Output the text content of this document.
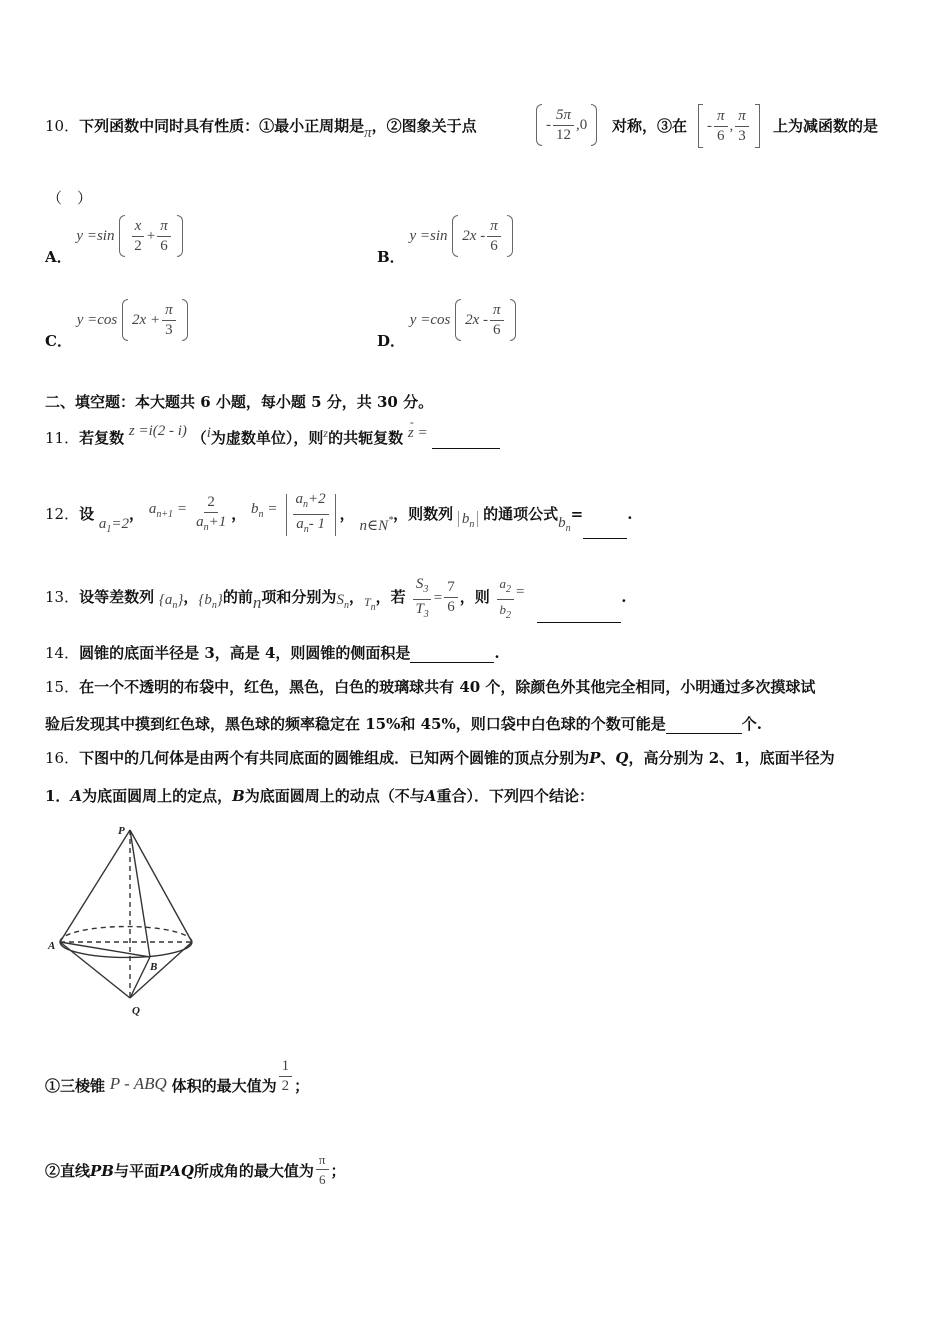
10．下列函数中同时具有性质：①最小正周期是π，②图象关于点	- $\frac{5\pi}{12} ,0$ 对称，③在 - $\frac{\pi}{6}$ , $\frac{\pi}{3}$ 上为减函数的是
（　）
A． $y =\sin \frac{x}{2} + \frac{\pi}{6}$
B． y =sin $2x - \frac{\pi}{6}$
C． y =cos $2x + \frac{\pi}{3}$
D． y =cos $2x - \frac{\pi}{6}$
二、填空题：本大题共 6 小题，每小题 5 分，共 30 分。
11．若复数 z =i(2 - i) （i为虚数单位），则$^z$的共轭复数
-
z =
12．设 $a_1=2$， $a_{n+1} = \frac{2}{a_n+1}$ ， $b_n = \frac{a_n+2}{a_n- 1}$ ， n∈N*，则数列 $b_n$ 的通项公式$b_n=$	.
13．设等差数列 $\{a_n\}$，$\{b_n\}$的前n项和分别为$S_n$，$_{T_n}$，若 $\frac{S_3}{T_3} = \frac{7}{6}$ ，则 $\frac{a_2}{b_2}$ =	.
14．圆锥的底面半径是 3，高是 4，则圆锥的侧面积是	.
15．在一个不透明的布袋中，红色，黑色，白色的玻璃球共有 40 个，除颜色外其他完全相同，小明通过多次摸球试
验后发现其中摸到红色球，黑色球的频率稳定在 15%和 45%，则口袋中白色球的个数可能是	个.
16．下图中的几何体是由两个有共同底面的圆锥组成．已知两个圆锥的顶点分别为P、Q，高分别为 2、1，底面半径为
1．A为底面圆周上的定点，B为底面圆周上的动点（不与A重合）．下列四个结论：
P
A
B
Q
①三棱锥 P - ABQ 体积的最大值为 $\frac{1}{2}$ ；
②直线PB与平面PAQ所成角的最大值为 $\frac{\pi}{6}$ ；
